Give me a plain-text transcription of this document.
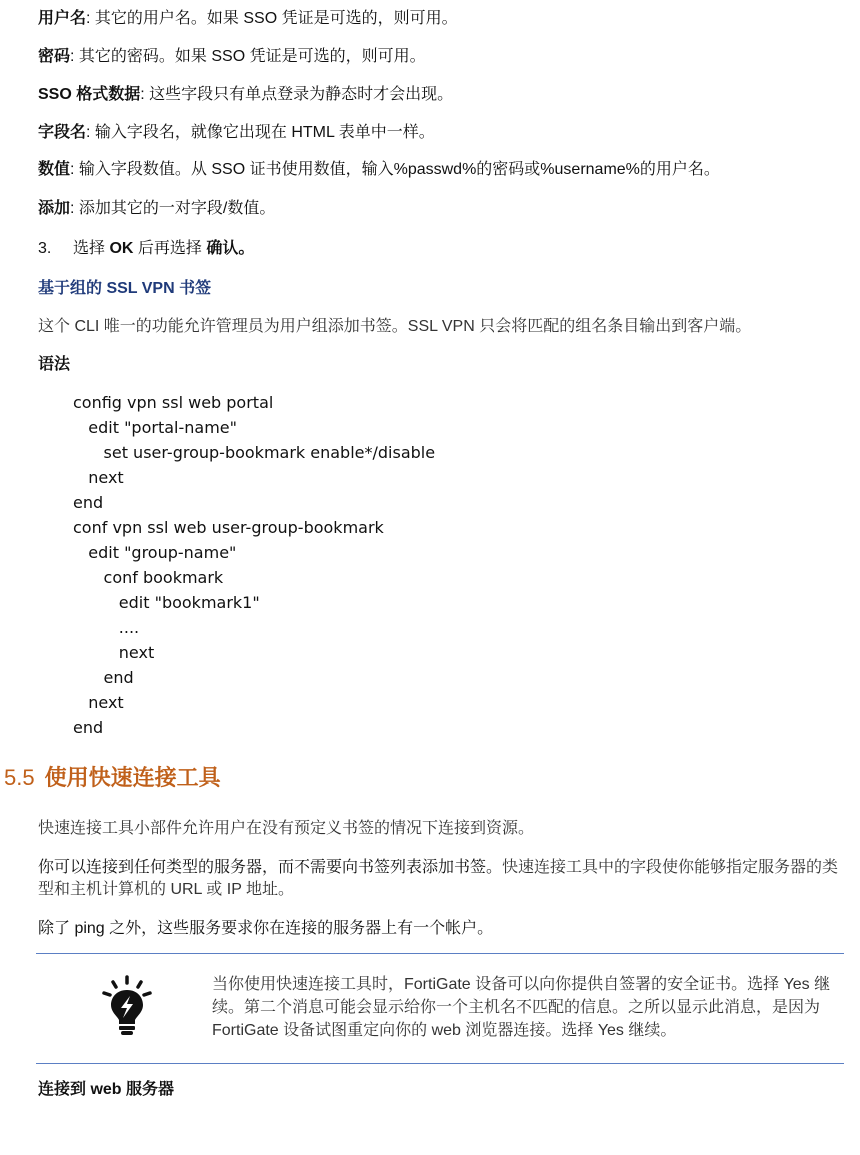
用户名: 其它的用户名。如果 SSO 凭证是可选的，则可用。
密码: 其它的密码。如果 SSO 凭证是可选的，则可用。
SSO 格式数据: 这些字段只有单点登录为静态时才会出现。
字段名: 输入字段名，就像它出现在 HTML 表单中一样。
数值: 输入字段数值。从 SSO 证书使用数值，输入%passwd%的密码或%username%的用户名。
添加: 添加其它的一对字段/数值。
3. 选择 OK 后再选择 确认。
基于组的 SSL VPN 书签
这个 CLI 唯一的功能允许管理员为用户组添加书签。SSL VPN 只会将匹配的组名条目输出到客户端。
语法
config vpn ssl web portal
edit "portal-name"
set user-group-bookmark enable*/disable
next
end
conf vpn ssl web user-group-bookmark
edit "group-name"
conf bookmark
edit "bookmark1"
....
next
end
next
end
5.5 使用快速连接工具
快速连接工具小部件允许用户在没有预定义书签的情况下连接到资源。
你可以连接到任何类型的服务器，而不需要向书签列表添加书签。快速连接工具中的字段使你能够指定服务器的类型和主机计算机的 URL 或 IP 地址。
除了 ping 之外，这些服务要求你在连接的服务器上有一个帐户。
当你使用快速连接工具时，FortiGate 设备可以向你提供自签署的安全证书。选择 Yes 继续。第二个消息可能会显示给你一个主机名不匹配的信息。之所以显示此消息，是因为 FortiGate 设备试图重定向你的 web 浏览器连接。选择 Yes 继续。
连接到 web 服务器
